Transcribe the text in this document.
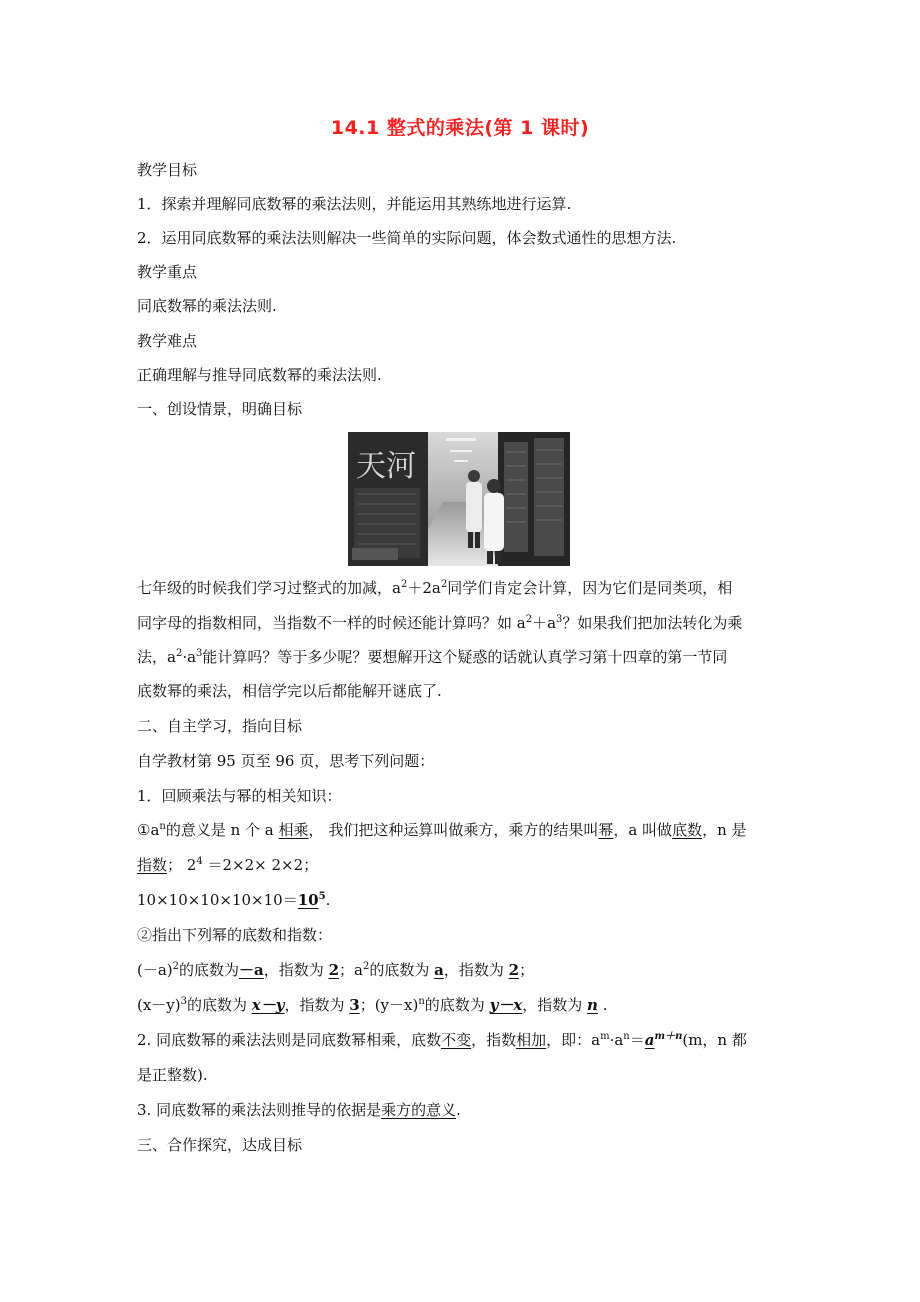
14.1 整式的乘法(第 1 课时)
教学目标
1．探索并理解同底数幂的乘法法则，并能运用其熟练地进行运算.
2．运用同底数幂的乘法法则解决一些简单的实际问题，体会数式通性的思想方法.
教学重点
同底数幂的乘法法则.
教学难点
正确理解与推导同底数幂的乘法法则.
一、创设情景，明确目标
天河
七年级的时候我们学习过整式的加减，$a^2+2a^2$同学们肯定会计算，因为它们是同类项，相
同字母的指数相同，当指数不一样的时候还能计算吗？如 $a^2+a^3$？如果我们把加法转化为乘
法，$a^2\cdot a^3$能计算吗？等于多少呢？要想解开这个疑惑的话就认真学习第十四章的第一节同
底数幂的乘法，相信学完以后都能解开谜底了.
二、自主学习，指向目标
自学教材第 95 页至 96 页，思考下列问题：
1．回顾乘法与幂的相关知识：
$①a^n$的意义是 n 个 a 相乘， 我们把这种运算叫做乘方，乘方的结果叫幂，a 叫做底数，n 是
指数； $2^4 =2\times 2\times 2\times 2$；
$10\times 10\times 10\times 10\times 10=10^5$.
②指出下列幂的底数和指数：
$(-a)^2$的底数为－a，指数为 2；$a^2$的底数为 a，指数为 2；
$(x-y)^3$的底数为 x－y，指数为 3；$(y-x)^n$的底数为 y－x，指数为 n .
2. 同底数幂的乘法法则是同底数幂相乘，底数不变，指数相加，即：$a^m\cdot a^n=a^{m+n}(m$，n 都
是正整数).
3. 同底数幂的乘法法则推导的依据是乘方的意义.
三、合作探究，达成目标
